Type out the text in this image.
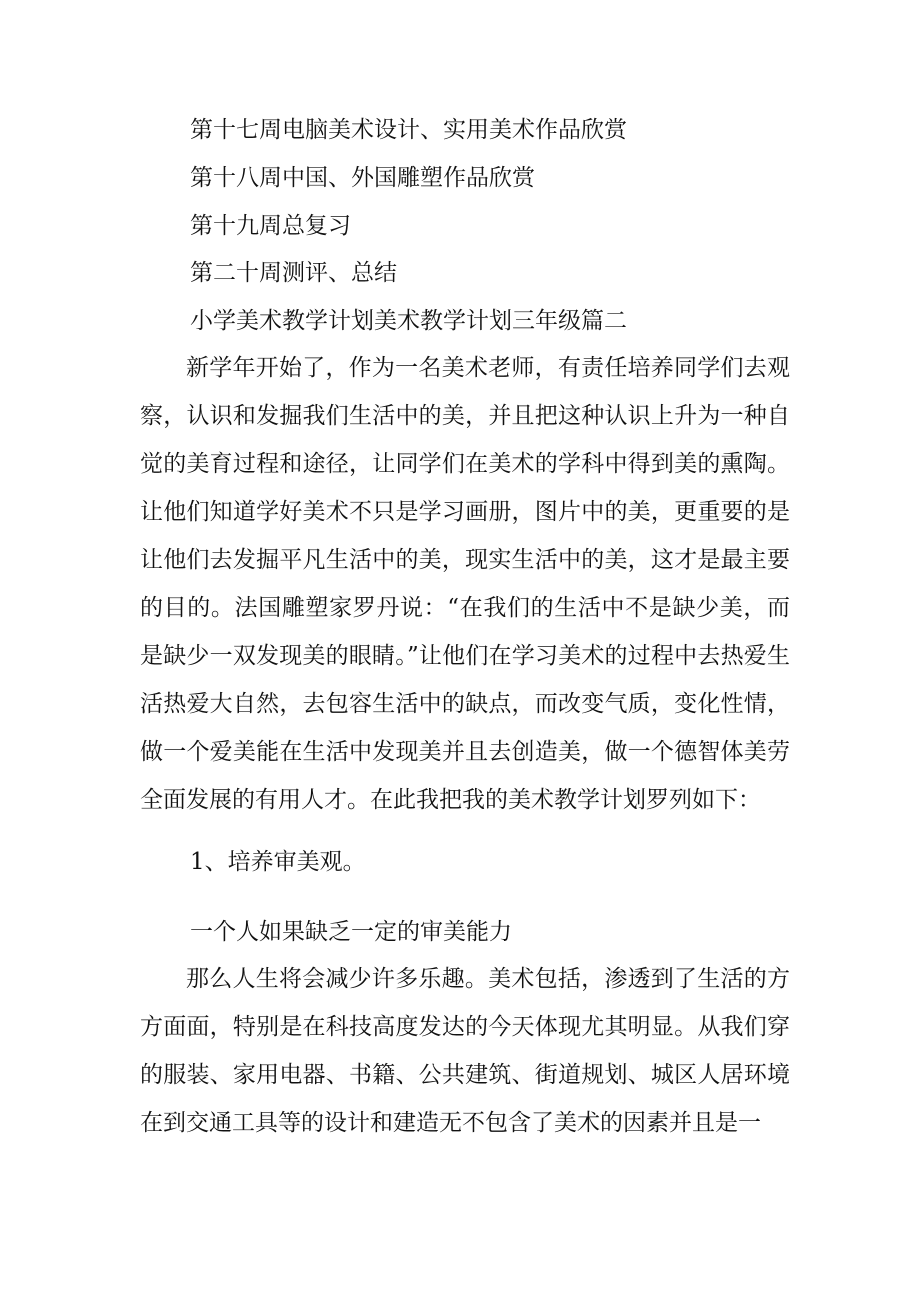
第十七周电脑美术设计、实用美术作品欣赏

第十八周中国、外国雕塑作品欣赏

第十九周总复习

第二十周测评、总结

小学美术教学计划美术教学计划三年级篇二

新学年开始了，作为一名美术老师，有责任培养同学们去观察，认识和发掘我们生活中的美，并且把这种认识上升为一种自觉的美育过程和途径，让同学们在美术的学科中得到美的熏陶。让他们知道学好美术不只是学习画册，图片中的美，更重要的是让他们去发掘平凡生活中的美，现实生活中的美，这才是最主要的目的。法国雕塑家罗丹说：“在我们的生活中不是缺少美，而是缺少一双发现美的眼睛。”让他们在学习美术的过程中去热爱生活热爱大自然，去包容生活中的缺点，而改变气质，变化性情，做一个爱美能在生活中发现美并且去创造美，做一个德智体美劳全面发展的有用人才。在此我把我的美术教学计划罗列如下：

1、培养审美观。

一个人如果缺乏一定的审美能力

那么人生将会减少许多乐趣。美术包括，渗透到了生活的方方面面，特别是在科技高度发达的今天体现尤其明显。从我们穿的服装、家用电器、书籍、公共建筑、街道规划、城区人居环境在到交通工具等的设计和建造无不包含了美术的因素并且是一
